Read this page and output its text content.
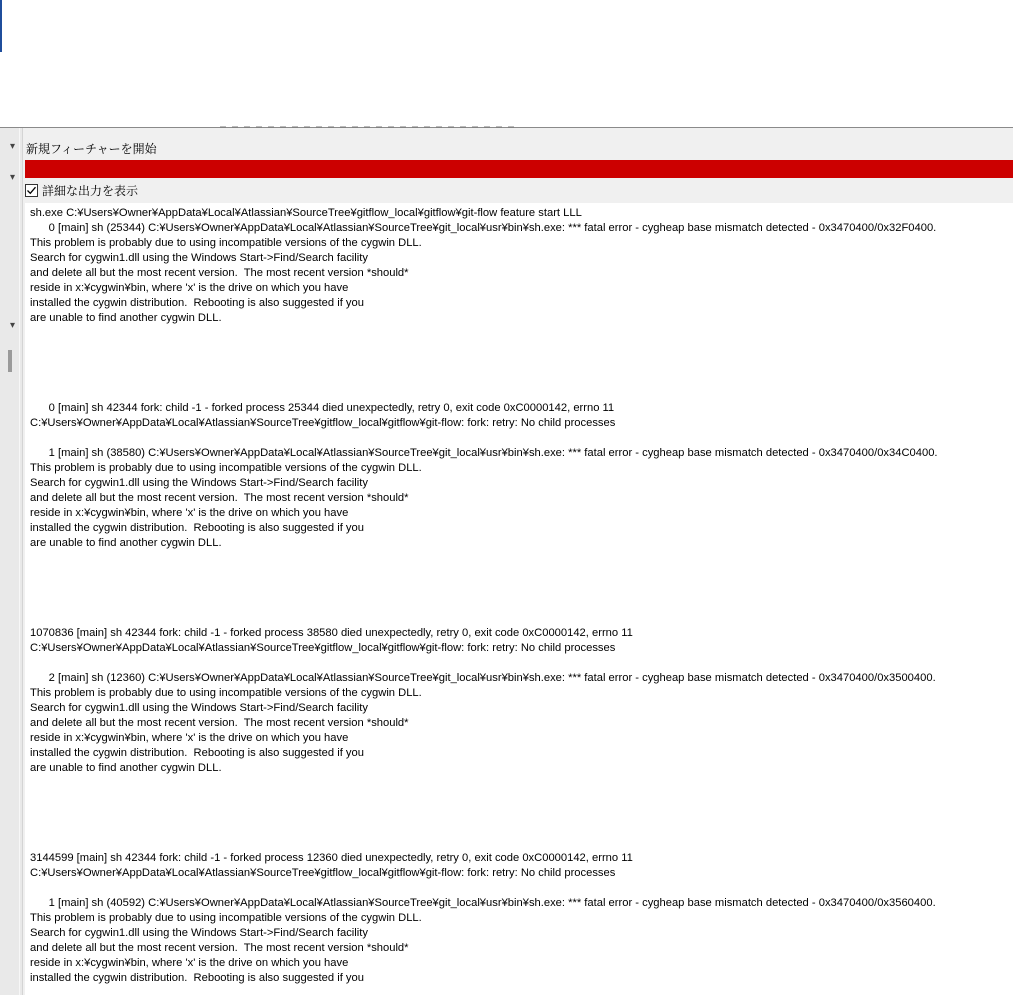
▾
▾
▾
新規フィーチャーを開始
詳細な出力を表示
sh.exe C:¥Users¥Owner¥AppData¥Local¥Atlassian¥SourceTree¥gitflow_local¥gitflow¥git-flow feature start LLL
0 [main] sh (25344) C:¥Users¥Owner¥AppData¥Local¥Atlassian¥SourceTree¥git_local¥usr¥bin¥sh.exe: *** fatal error - cygheap base mismatch detected - 0x3470400/0x32F0400.
This problem is probably due to using incompatible versions of the cygwin DLL.
Search for cygwin1.dll using the Windows Start->Find/Search facility
and delete all but the most recent version.  The most recent version *should*
reside in x:¥cygwin¥bin, where 'x' is the drive on which you have
installed the cygwin distribution.  Rebooting is also suggested if you
are unable to find another cygwin DLL.

0 [main] sh 42344 fork: child -1 - forked process 25344 died unexpectedly, retry 0, exit code 0xC0000142, errno 11
C:¥Users¥Owner¥AppData¥Local¥Atlassian¥SourceTree¥gitflow_local¥gitflow¥git-flow: fork: retry: No child processes

1 [main] sh (38580) C:¥Users¥Owner¥AppData¥Local¥Atlassian¥SourceTree¥git_local¥usr¥bin¥sh.exe: *** fatal error - cygheap base mismatch detected - 0x3470400/0x34C0400.
This problem is probably due to using incompatible versions of the cygwin DLL.
Search for cygwin1.dll using the Windows Start->Find/Search facility
and delete all but the most recent version.  The most recent version *should*
reside in x:¥cygwin¥bin, where 'x' is the drive on which you have
installed the cygwin distribution.  Rebooting is also suggested if you
are unable to find another cygwin DLL.

1070836 [main] sh 42344 fork: child -1 - forked process 38580 died unexpectedly, retry 0, exit code 0xC0000142, errno 11
C:¥Users¥Owner¥AppData¥Local¥Atlassian¥SourceTree¥gitflow_local¥gitflow¥git-flow: fork: retry: No child processes

2 [main] sh (12360) C:¥Users¥Owner¥AppData¥Local¥Atlassian¥SourceTree¥git_local¥usr¥bin¥sh.exe: *** fatal error - cygheap base mismatch detected - 0x3470400/0x3500400.
This problem is probably due to using incompatible versions of the cygwin DLL.
Search for cygwin1.dll using the Windows Start->Find/Search facility
and delete all but the most recent version.  The most recent version *should*
reside in x:¥cygwin¥bin, where 'x' is the drive on which you have
installed the cygwin distribution.  Rebooting is also suggested if you
are unable to find another cygwin DLL.

3144599 [main] sh 42344 fork: child -1 - forked process 12360 died unexpectedly, retry 0, exit code 0xC0000142, errno 11
C:¥Users¥Owner¥AppData¥Local¥Atlassian¥SourceTree¥gitflow_local¥gitflow¥git-flow: fork: retry: No child processes

1 [main] sh (40592) C:¥Users¥Owner¥AppData¥Local¥Atlassian¥SourceTree¥git_local¥usr¥bin¥sh.exe: *** fatal error - cygheap base mismatch detected - 0x3470400/0x3560400.
This problem is probably due to using incompatible versions of the cygwin DLL.
Search for cygwin1.dll using the Windows Start->Find/Search facility
and delete all but the most recent version.  The most recent version *should*
reside in x:¥cygwin¥bin, where 'x' is the drive on which you have
installed the cygwin distribution.  Rebooting is also suggested if you
